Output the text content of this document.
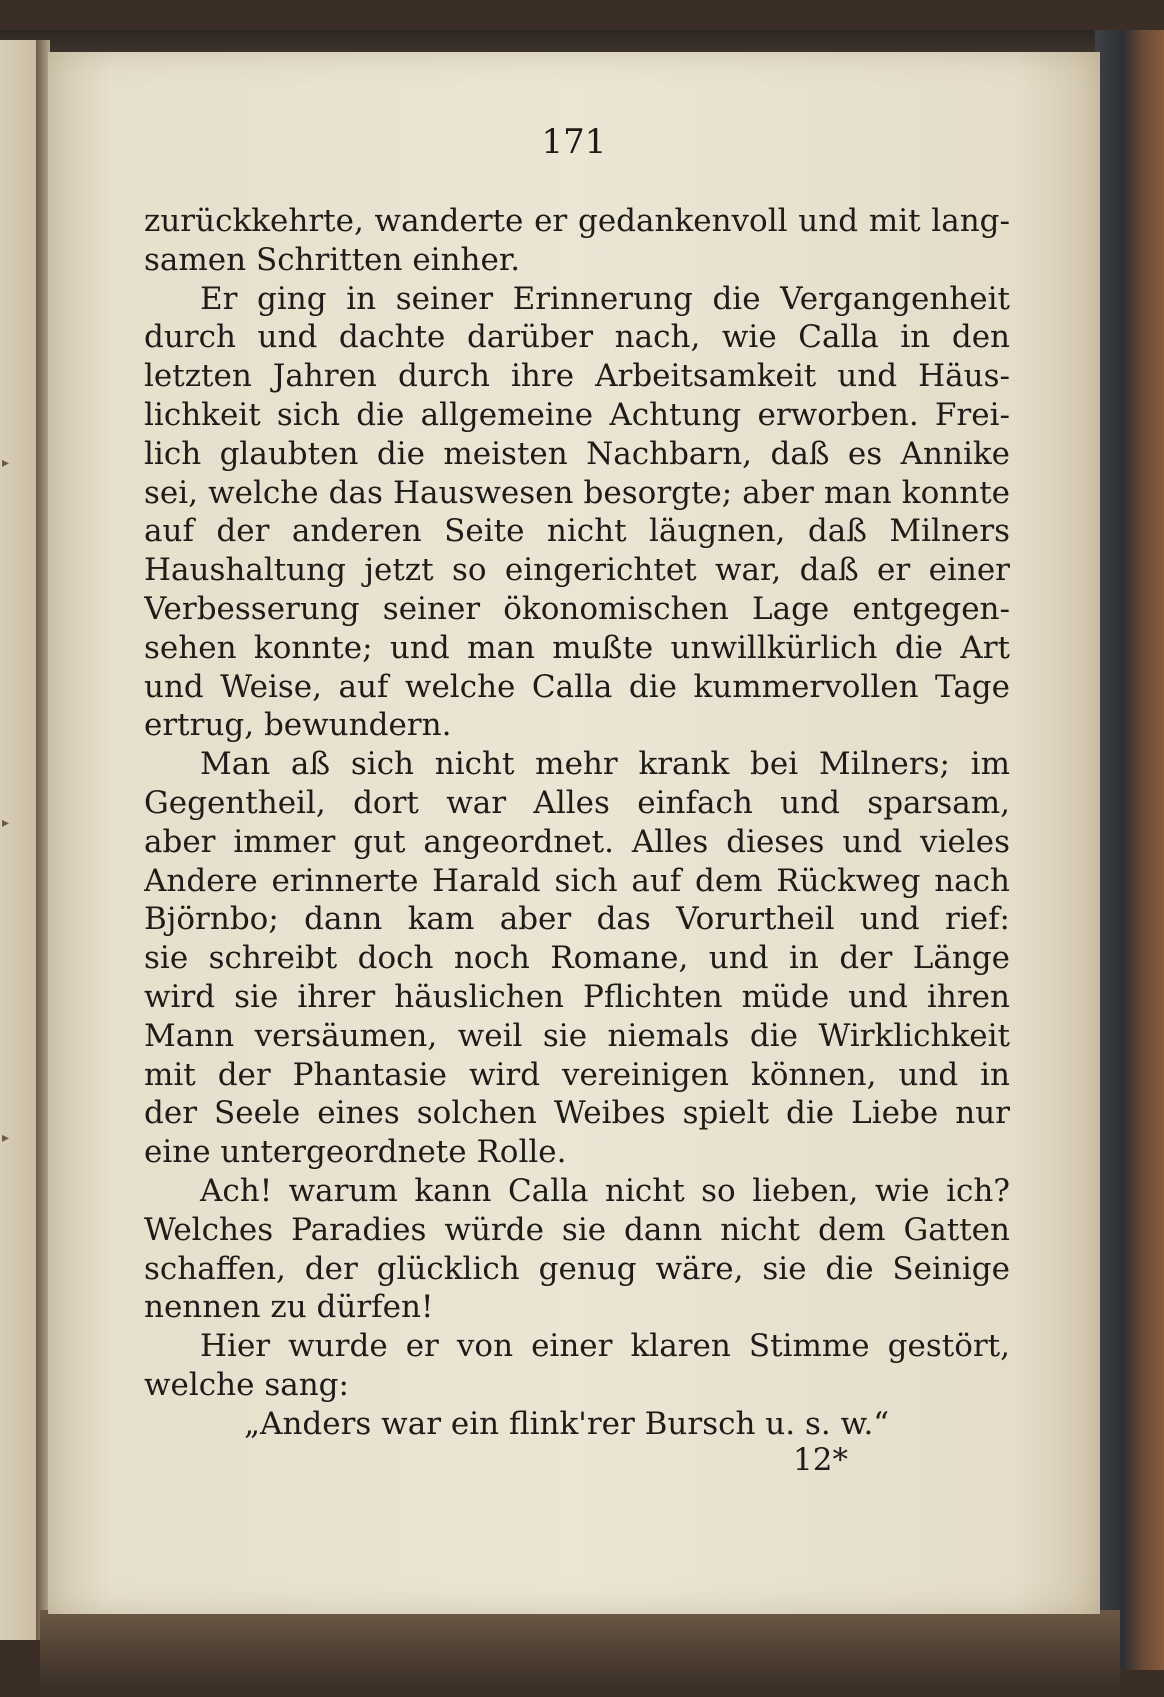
171
zurückkehrte, wanderte er gedankenvoll und mit lang-
samen Schritten einher.
Er ging in seiner Erinnerung die Vergangenheit
durch und dachte darüber nach, wie Calla in den
letzten Jahren durch ihre Arbeitsamkeit und Häus-
lichkeit sich die allgemeine Achtung erworben. Frei-
lich glaubten die meisten Nachbarn, daß es Annike
sei, welche das Hauswesen besorgte; aber man konnte
auf der anderen Seite nicht läugnen, daß Milners
Haushaltung jetzt so eingerichtet war, daß er einer
Verbesserung seiner ökonomischen Lage entgegen-
sehen konnte; und man mußte unwillkürlich die Art
und Weise, auf welche Calla die kummervollen Tage
ertrug, bewundern.
Man aß sich nicht mehr krank bei Milners; im
Gegentheil, dort war Alles einfach und sparsam,
aber immer gut angeordnet. Alles dieses und vieles
Andere erinnerte Harald sich auf dem Rückweg nach
Björnbo; dann kam aber das Vorurtheil und rief:
sie schreibt doch noch Romane, und in der Länge
wird sie ihrer häuslichen Pflichten müde und ihren
Mann versäumen, weil sie niemals die Wirklichkeit
mit der Phantasie wird vereinigen können, und in
der Seele eines solchen Weibes spielt die Liebe nur
eine untergeordnete Rolle.
Ach! warum kann Calla nicht so lieben, wie ich?
Welches Paradies würde sie dann nicht dem Gatten
schaffen, der glücklich genug wäre, sie die Seinige
nennen zu dürfen!
Hier wurde er von einer klaren Stimme gestört,
welche sang:
„Anders war ein flink'rer Bursch u. s. w.“
12*
▸
▸
▸
